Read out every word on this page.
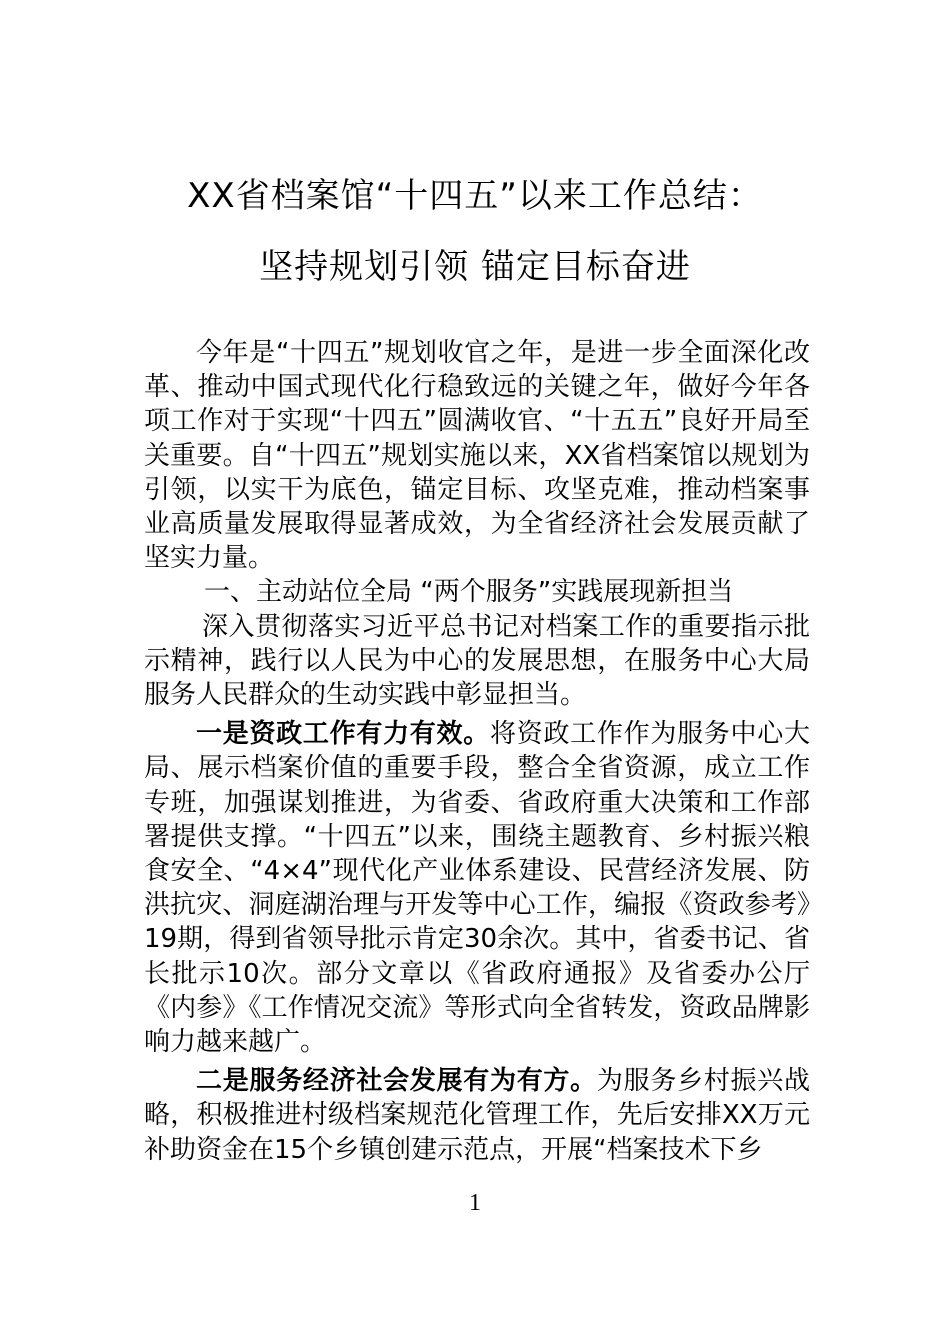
XX省档案馆“十四五”以来工作总结：
坚持规划引领 锚定目标奋进

今年是“十四五”规划收官之年，是进一步全面深化改革、推动中国式现代化行稳致远的关键之年，做好今年各项工作对于实现“十四五”圆满收官、“十五五”良好开局至关重要。自“十四五”规划实施以来，XX省档案馆以规划为引领，以实干为底色，锚定目标、攻坚克难，推动档案事业高质量发展取得显著成效，为全省经济社会发展贡献了坚实力量。

一、主动站位全局 “两个服务”实践展现新担当

深入贯彻落实习近平总书记对档案工作的重要指示批示精神，践行以人民为中心的发展思想，在服务中心大局服务人民群众的生动实践中彰显担当。

一是资政工作有力有效。将资政工作作为服务中心大局、展示档案价值的重要手段，整合全省资源，成立工作专班，加强谋划推进，为省委、省政府重大决策和工作部署提供支撑。“十四五”以来，围绕主题教育、乡村振兴粮食安全、“4×4”现代化产业体系建设、民营经济发展、防洪抗灾、洞庭湖治理与开发等中心工作，编报《资政参考》19期，得到省领导批示肯定30余次。其中，省委书记、省长批示10次。部分文章以《省政府通报》及省委办公厅《内参》《工作情况交流》等形式向全省转发，资政品牌影响力越来越广。

二是服务经济社会发展有为有方。为服务乡村振兴战略，积极推进村级档案规范化管理工作，先后安排XX万元补助资金在15个乡镇创建示范点，开展“档案技术下乡

1
